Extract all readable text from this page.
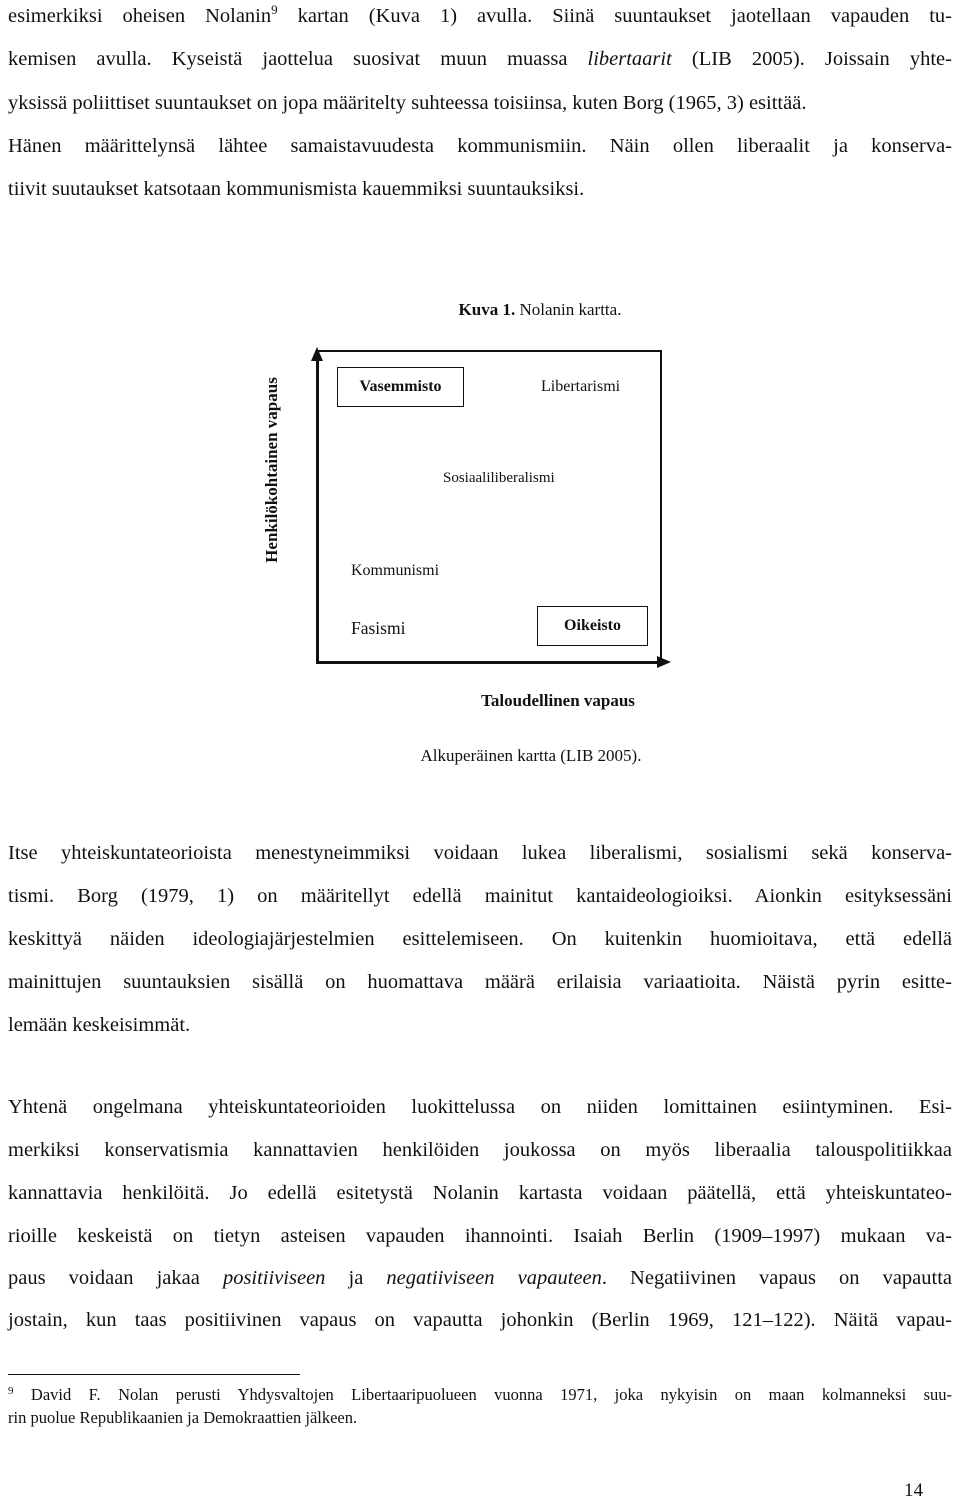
esimerkiksi oheisen Nolanin$^9$ kartan (Kuva 1) avulla. Siinä suuntaukset jaotellaan vapauden tu-
kemisen avulla. Kyseistä jaottelua suosivat muun muassa libertaarit (LIB 2005). Joissain yhte-
yksissä poliittiset suuntaukset on jopa määritelty suhteessa toisiinsa, kuten Borg (1965, 3) esittää.
Hänen määrittelynsä lähtee samaistavuudesta kommunismiin. Näin ollen liberaalit ja konserva-
tiivit suutaukset katsotaan kommunismista kauemmiksi suuntauksiksi.
Kuva 1. Nolanin kartta.
Vasemmisto	Libertarismi
Sosiaaliliberalismi
Kommunismi
Fasismi	Oikeisto
Henkilökohtainen vapaus
Taloudellinen vapaus
Alkuperäinen kartta (LIB 2005).
Itse yhteiskuntateorioista menestyneimmiksi voidaan lukea liberalismi, sosialismi sekä konserva-
tismi. Borg (1979, 1) on määritellyt edellä mainitut kantaideologioiksi. Aionkin esityksessäni
keskittyä näiden ideologiajärjestelmien esittelemiseen. On kuitenkin huomioitava, että edellä
mainittujen suuntauksien sisällä on huomattava määrä erilaisia variaatioita. Näistä pyrin esitte-
lemään keskeisimmät.
Yhtenä ongelmana yhteiskuntateorioiden luokittelussa on niiden lomittainen esiintyminen. Esi-
merkiksi konservatismia kannattavien henkilöiden joukossa on myös liberaalia talouspolitiikkaa
kannattavia henkilöitä. Jo edellä esitetystä Nolanin kartasta voidaan päätellä, että yhteiskuntateo-
rioille keskeistä on tietyn asteisen vapauden ihannointi. Isaiah Berlin (1909–1997) mukaan va-
paus voidaan jakaa positiiviseen ja negatiiviseen vapauteen. Negatiivinen vapaus on vapautta
jostain, kun taas positiivinen vapaus on vapautta johonkin (Berlin 1969, 121–122). Näitä vapau-
$^9$ David F. Nolan perusti Yhdysvaltojen Libertaaripuolueen vuonna 1971, joka nykyisin on maan kolmanneksi suu-
rin puolue Republikaanien ja Demokraattien jälkeen.
14
